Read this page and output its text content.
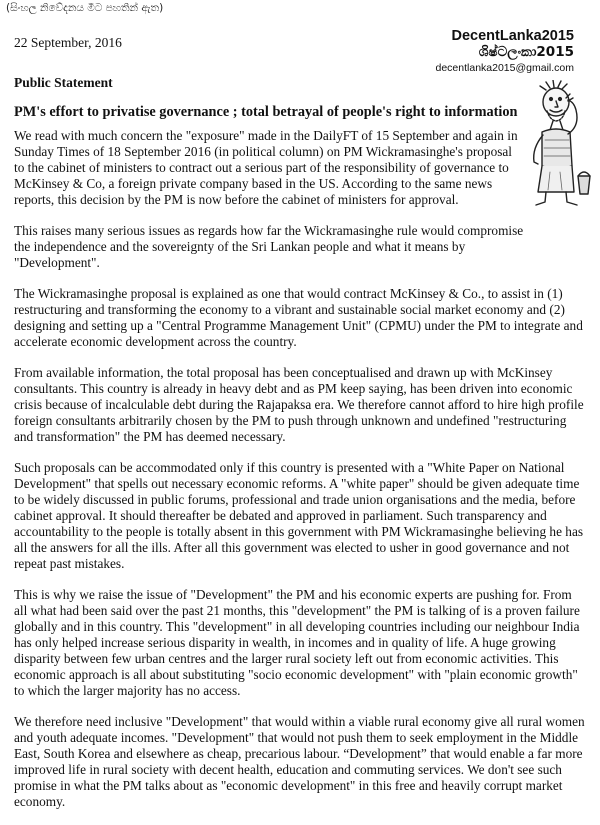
(සිංහල නිවේදනය මීට පහතින් ඇත)
22 September, 2016	DecentLanka2015
ශිෂ්ටලංකා2015
decentlanka2015@gmail.com
Public Statement
PM's effort to privatise governance ; total betrayal of people's right to information

We read with much concern the "exposure" made in the DailyFT of 15 September and again in Sunday Times of 18 September 2016 (in political column) on PM Wickramasinghe's proposal to the cabinet of ministers to contract out a serious part of the responsibility of governance to McKinsey & Co, a foreign private company based in the US. According to the same news reports, this decision by the PM is now before the cabinet of ministers for approval.

This raises many serious issues as regards how far the Wickramasinghe rule would compromise the independence and the sovereignty of the Sri Lankan people and what it means by "Development".

The Wickramasinghe proposal is explained as one that would contract McKinsey & Co., to assist in (1) restructuring and transforming the economy to a vibrant and sustainable social market economy and (2) designing and setting up a "Central Programme Management Unit" (CPMU) under the PM to integrate and accelerate economic development across the country.

From available information, the total proposal has been conceptualised and drawn up with McKinsey consultants. This country is already in heavy debt and as PM keep saying, has been driven into economic crisis because of incalculable debt during the Rajapaksa era. We therefore cannot afford to hire high profile foreign consultants arbitrarily chosen by the PM to push through unknown and undefined "restructuring and transformation" the PM has deemed necessary.

Such proposals can be accommodated only if this country is presented with a "White Paper on National Development" that spells out necessary economic reforms. A "white paper" should be given adequate time to be widely discussed in public forums, professional and trade union organisations and the media, before cabinet approval. It should thereafter be debated and approved in parliament. Such transparency and accountability to the people is totally absent in this government with PM Wickramasinghe believing he has all the answers for all the ills. After all this government was elected to usher in good governance and not repeat past mistakes.

This is why we raise the issue of "Development" the PM and his economic experts are pushing for. From all what had been said over the past 21 months, this "development" the PM is talking of is a proven failure globally and in this country. This "development" in all developing countries including our neighbour India has only helped increase serious disparity in wealth, in incomes and in quality of life. A huge growing disparity between few urban centres and the larger rural society left out from economic activities. This economic approach is all about substituting "socio economic development" with "plain economic growth" to which the larger majority has no access.

We therefore need inclusive "Development" that would within a viable rural economy give all rural women and youth adequate incomes. "Development" that would not push them to seek employment in the Middle East, South Korea and elsewhere as cheap, precarious labour. “Development” that would enable a far more improved life in rural society with decent health, education and commuting services. We don't see such promise in what the PM talks about as "economic development" in this free and heavily corrupt market economy.
